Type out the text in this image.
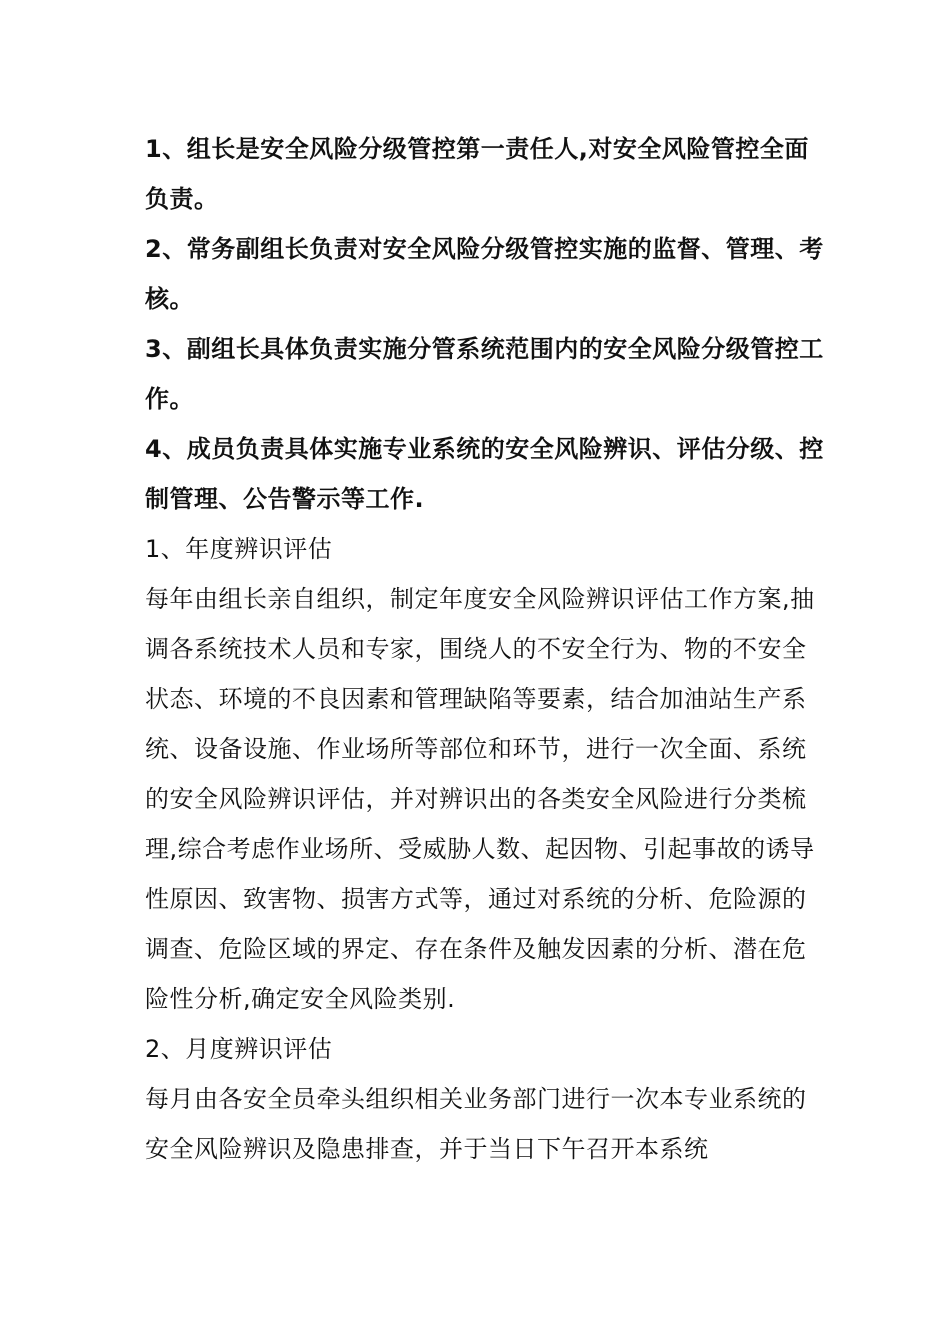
1、组长是安全风险分级管控第一责任人,对安全风险管控全面负责。

2、常务副组长负责对安全风险分级管控实施的监督、管理、考核。

3、副组长具体负责实施分管系统范围内的安全风险分级管控工作。

4、成员负责具体实施专业系统的安全风险辨识、评估分级、控制管理、公告警示等工作.

1、年度辨识评估

每年由组长亲自组织，制定年度安全风险辨识评估工作方案,抽调各系统技术人员和专家，围绕人的不安全行为、物的不安全状态、环境的不良因素和管理缺陷等要素，结合加油站生产系统、设备设施、作业场所等部位和环节，进行一次全面、系统的安全风险辨识评估，并对辨识出的各类安全风险进行分类梳理,综合考虑作业场所、受威胁人数、起因物、引起事故的诱导性原因、致害物、损害方式等，通过对系统的分析、危险源的调查、危险区域的界定、存在条件及触发因素的分析、潜在危险性分析,确定安全风险类别.

2、月度辨识评估

每月由各安全员牵头组织相关业务部门进行一次本专业系统的安全风险辨识及隐患排查，并于当日下午召开本系统
